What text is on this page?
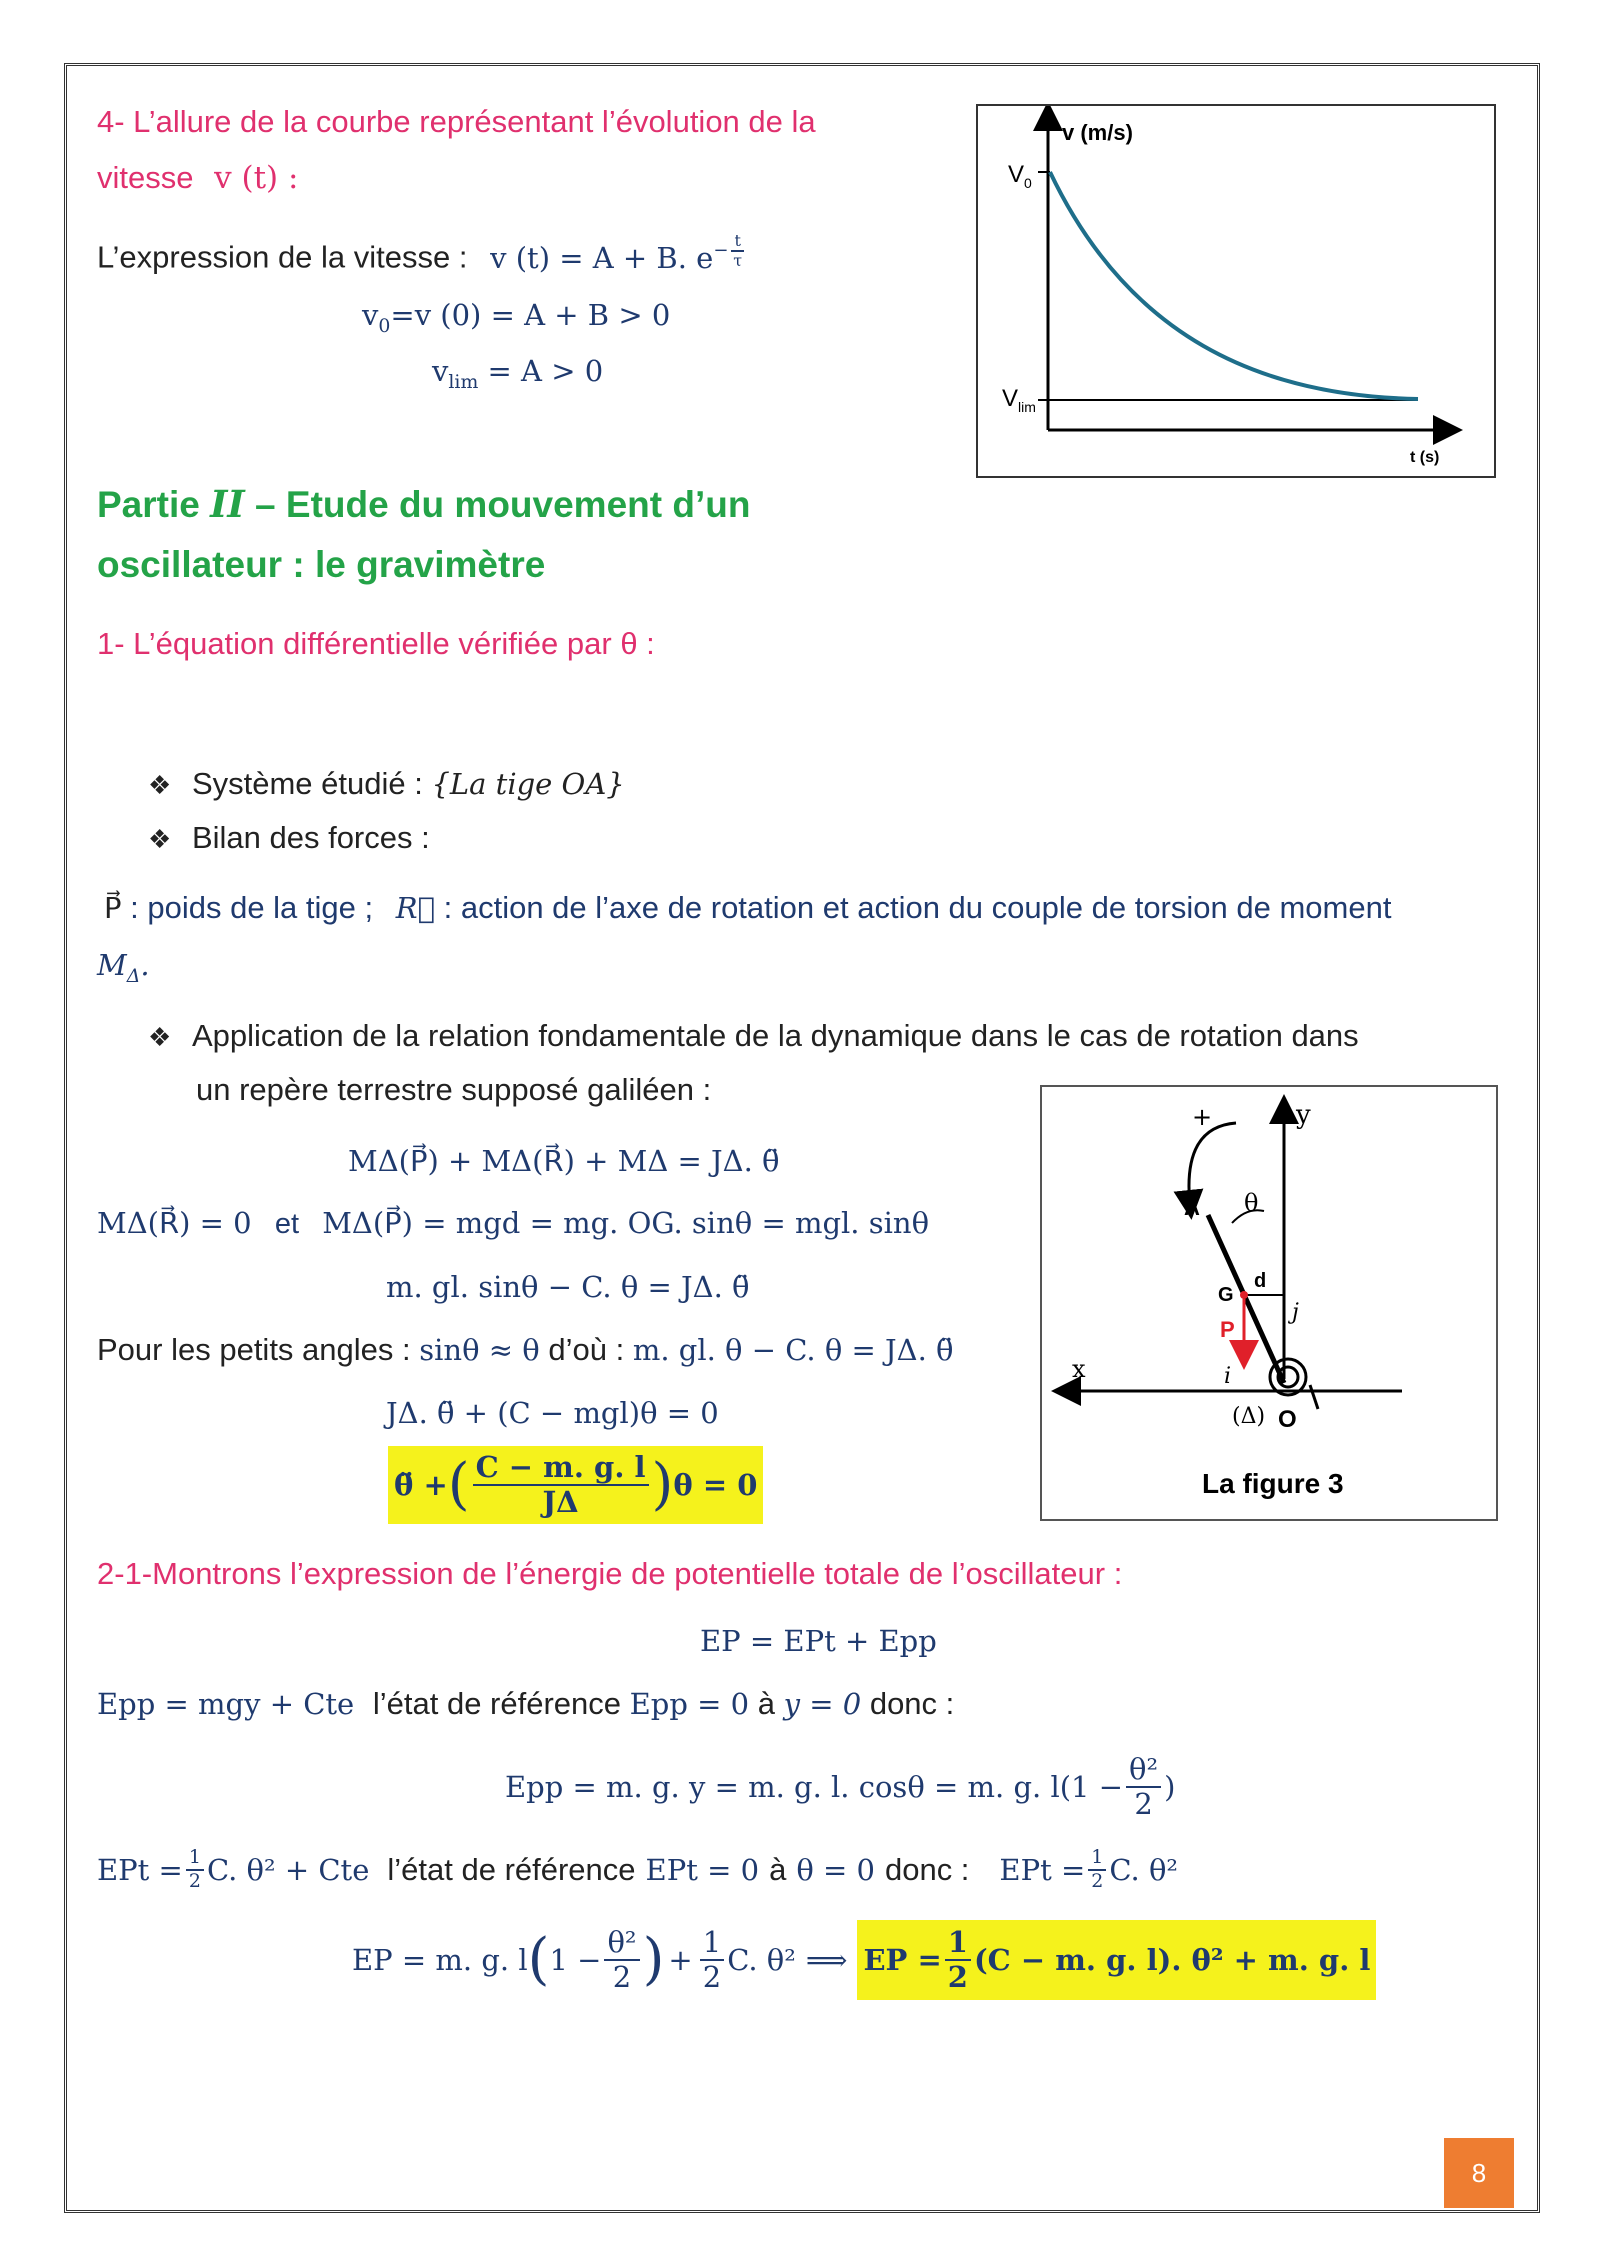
4- L’allure de la courbe représentant l’évolution de la
vitesse v (t) :
L’expression de la vitesse : v (t) = A + B. $e^{- \frac{t}{\tau}}$
$v_0=v$ (0) = A + B > 0
$v_{lim} = A > 0$
v (m/s)
$V_0$
$V_{lim}$
t (s)
Partie II – Etude du mouvement d’un
oscillateur : le gravimètre
1- L’équation différentielle vérifiée par θ :
❖ Système étudié : {La tige OA}
❖ Bilan des forces :
P⃗ : poids de la tige ; R⃗ : action de l’axe de rotation et action du couple de torsion de moment
$M_\Delta$.
❖ Application de la relation fondamentale de la dynamique dans le cas de rotation dans
un repère terrestre supposé galiléen :
MΔ(P⃗) + MΔ(R⃗) + MΔ = JΔ. θ̈
MΔ(R⃗) = 0 et MΔ(P⃗) = mgd = mg. OG. sinθ = mgl. sinθ
m. gl. sinθ − C. θ = JΔ. θ̈
Pour les petits angles : sinθ ≈ θ d’où : m. gl. θ − C. θ = JΔ. θ̈
JΔ. θ̈ + (C − mgl)θ = 0
θ̈ + ( $\frac{C - m. g. l}{J\Delta}$ ) θ = 0
+	y
A θ
d
G
P
j
i
x
(Δ) O
La figure 3
2-1-Montrons l’expression de l’énergie de potentielle totale de l’oscillateur :
EP = EPt + Epp
Epp = mgy + Cte l’état de référence Epp = 0 à y = 0 donc :
Epp = m. g. y = m. g. l. cosθ = m. g. $l(1 - \frac{\text{θ²}}{2}$ )
EPt = $\frac{1}{2} C$. θ² + Cte l’état de référence EPt = 0 à θ = 0 donc : EPt = $\frac{1}{2} C$. θ²
EP = m. g. l ( $1 - \frac{\text{θ²}}{2}$ ) + $\frac{1}{2} C$. θ² ⟹ EP = $\frac{1}{2} (C - m$. g. l). θ² + m. g. l
8
